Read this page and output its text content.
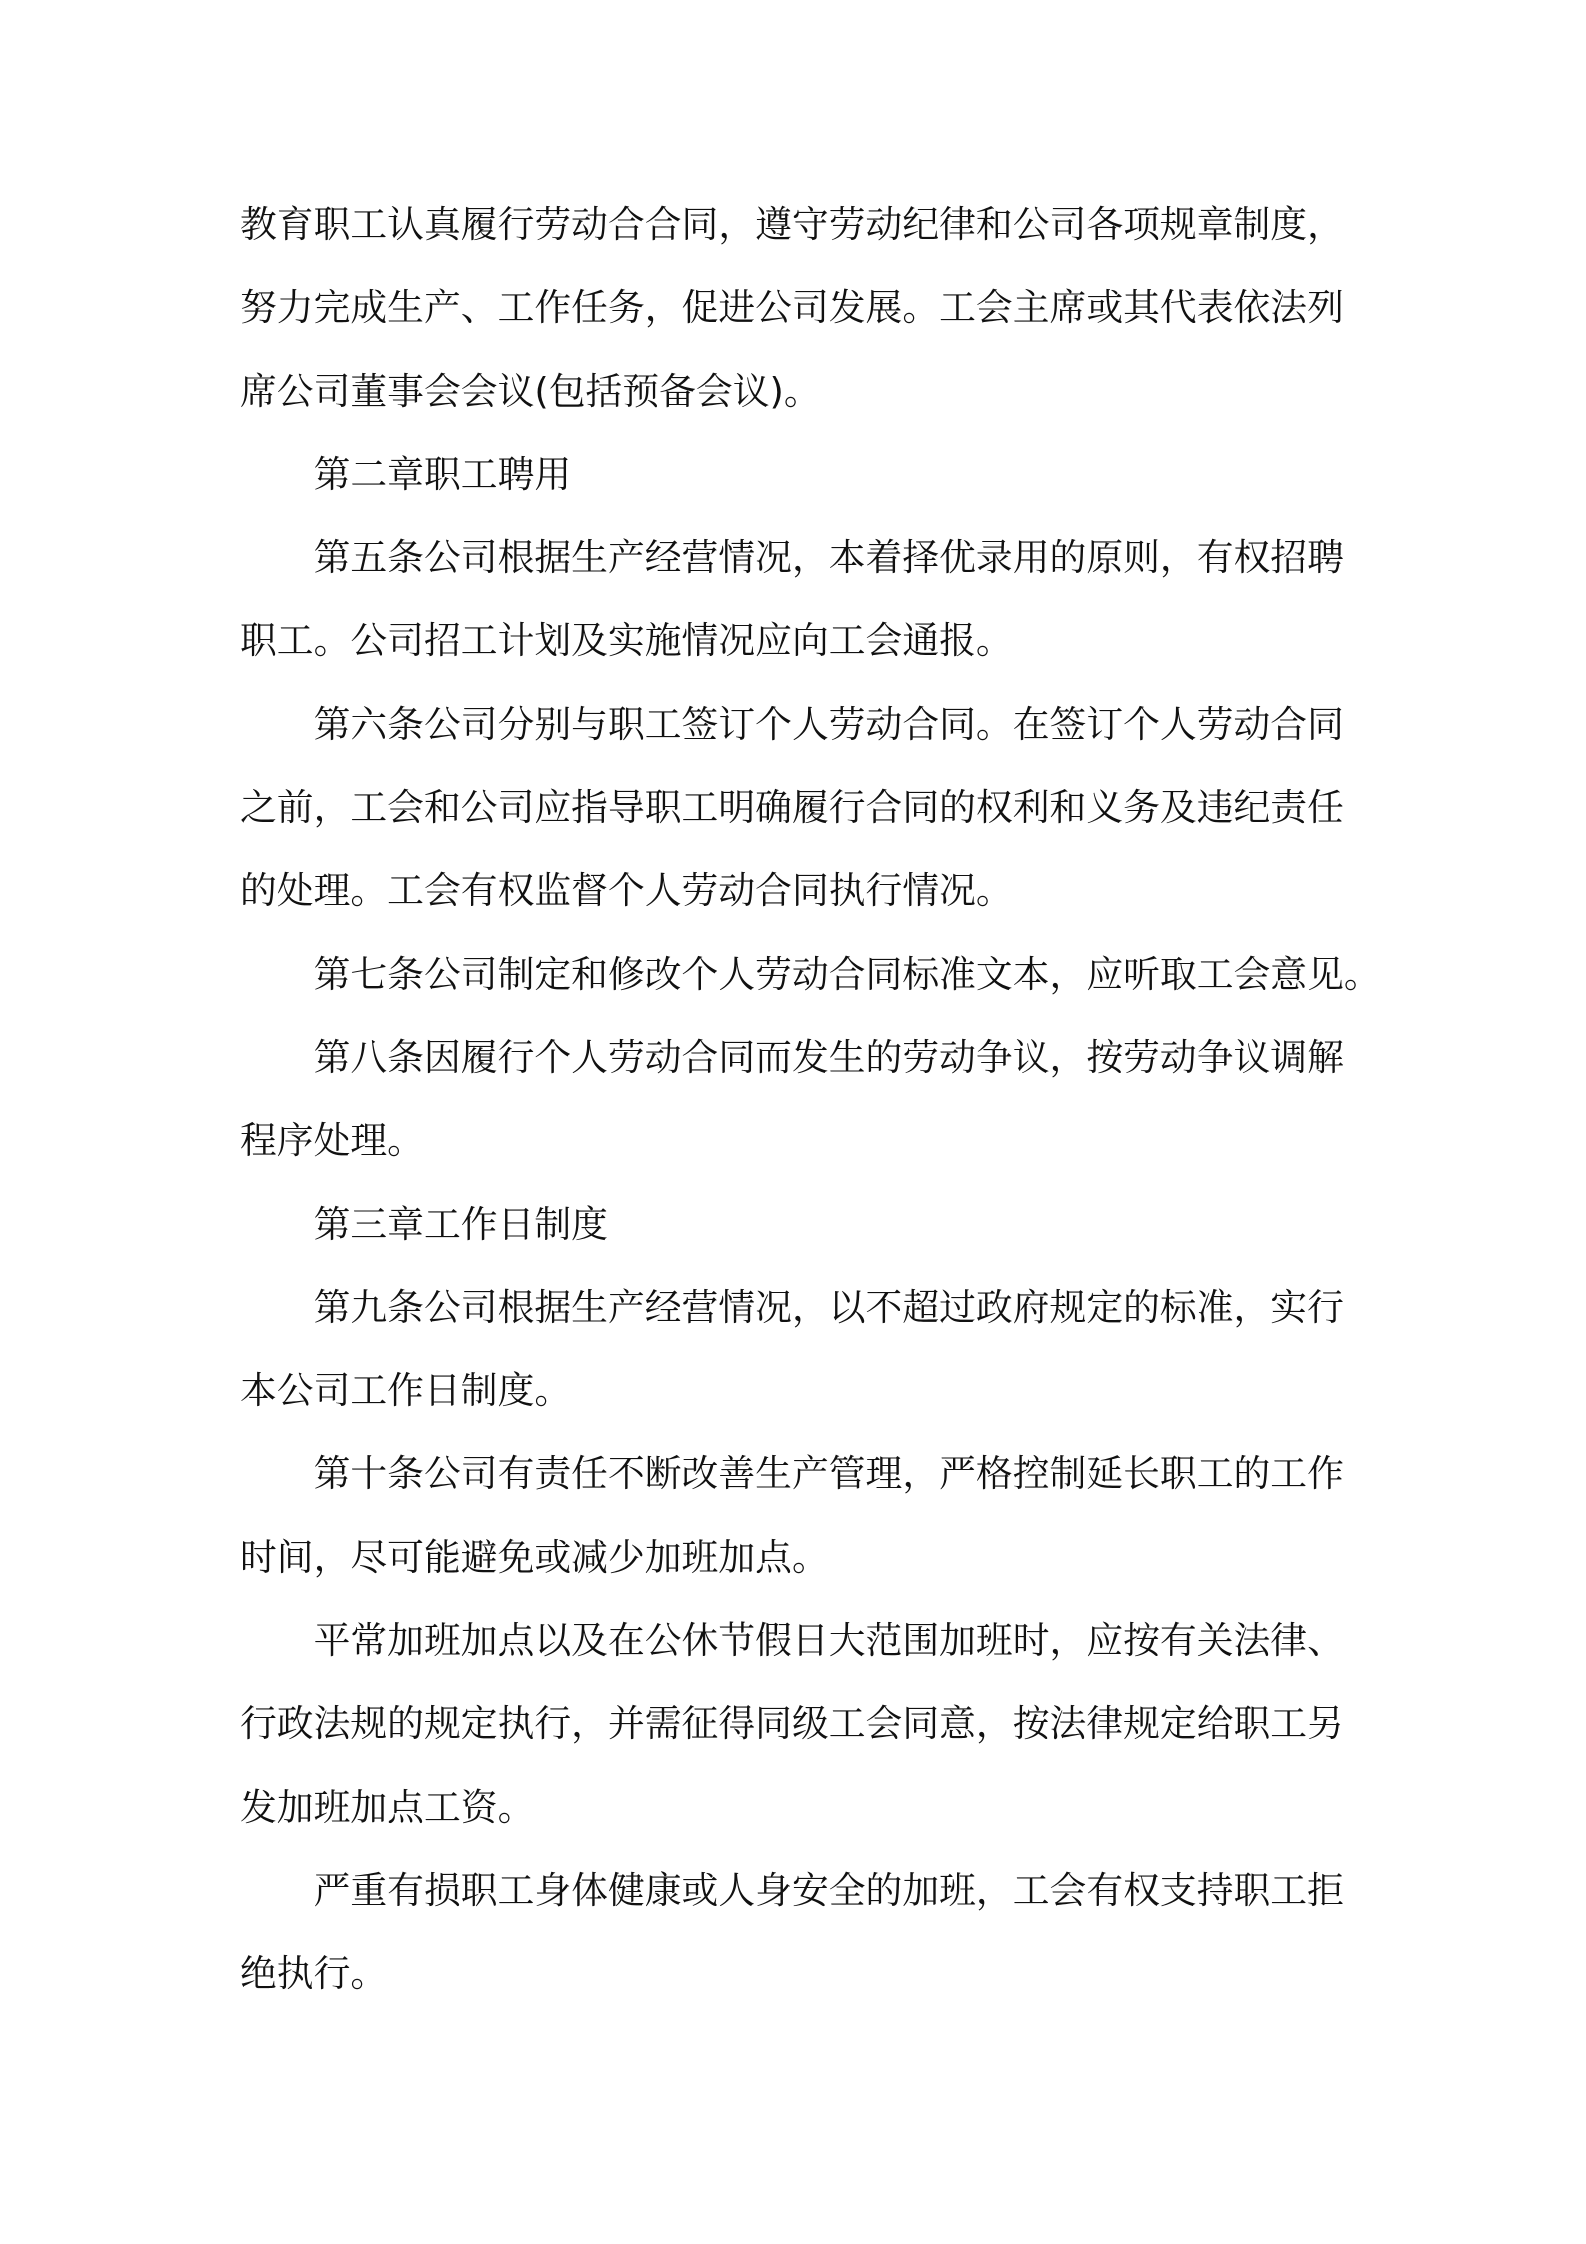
教育职工认真履行劳动合合同，遵守劳动纪律和公司各项规章制度，
努力完成生产、工作任务，促进公司发展。工会主席或其代表依法列
席公司董事会会议(包括预备会议)。
第二章职工聘用
第五条公司根据生产经营情况，本着择优录用的原则，有权招聘
职工。公司招工计划及实施情况应向工会通报。
第六条公司分别与职工签订个人劳动合同。在签订个人劳动合同
之前，工会和公司应指导职工明确履行合同的权利和义务及违纪责任
的处理。工会有权监督个人劳动合同执行情况。
第七条公司制定和修改个人劳动合同标准文本，应听取工会意见。
第八条因履行个人劳动合同而发生的劳动争议，按劳动争议调解
程序处理。
第三章工作日制度
第九条公司根据生产经营情况，以不超过政府规定的标准，实行
本公司工作日制度。
第十条公司有责任不断改善生产管理，严格控制延长职工的工作
时间，尽可能避免或减少加班加点。
平常加班加点以及在公休节假日大范围加班时，应按有关法律、
行政法规的规定执行，并需征得同级工会同意，按法律规定给职工另
发加班加点工资。
严重有损职工身体健康或人身安全的加班，工会有权支持职工拒
绝执行。
